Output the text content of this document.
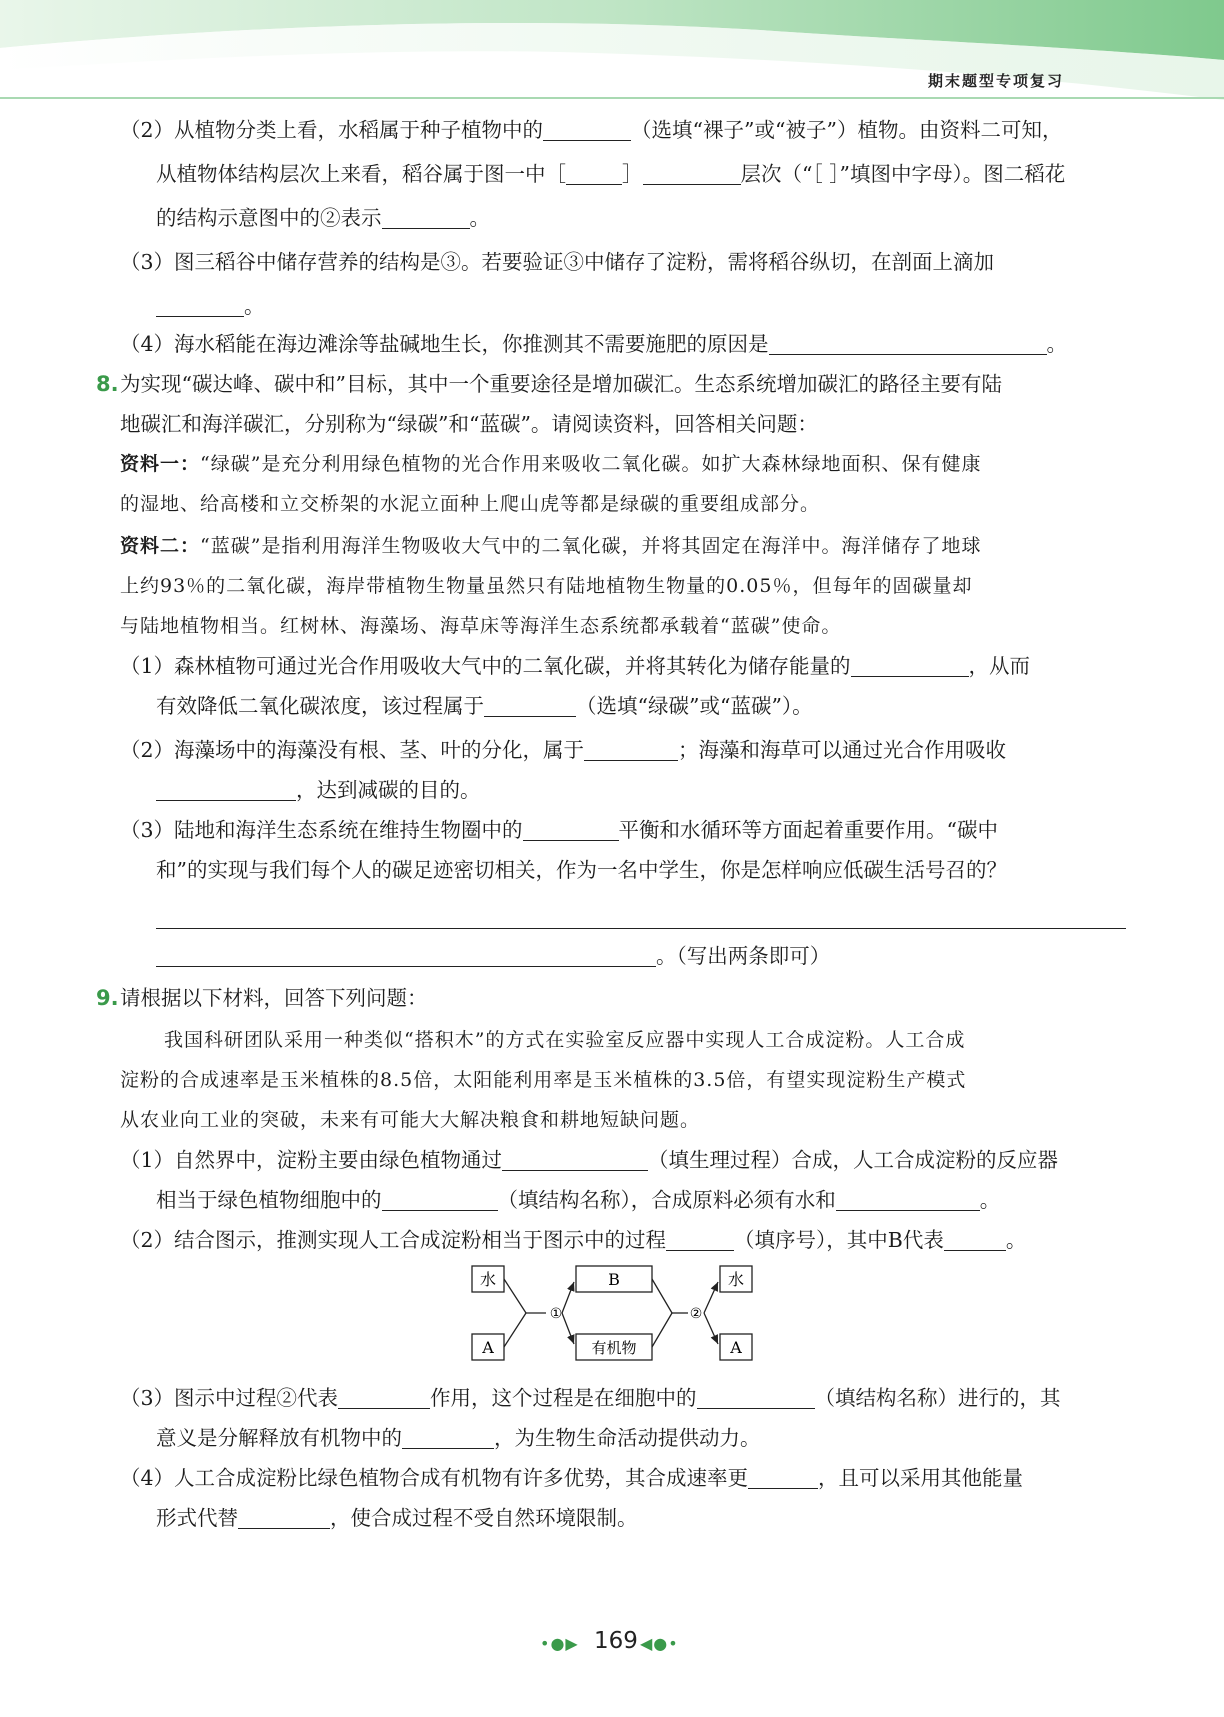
期末题型专项复习
（2）从植物分类上看，水稻属于种子植物中的	（选填“裸子”或“被子”）植物。由资料二可知，
从植物体结构层次上来看，稻谷属于图一中［	］	层次（“［ ］”填图中字母）。图二稻花
的结构示意图中的②表示	。
（3）图三稻谷中储存营养的结构是③。若要验证③中储存了淀粉，需将稻谷纵切，在剖面上滴加
。
（4）海水稻能在海边滩涂等盐碱地生长，你推测其不需要施肥的原因是	。
8. 为实现“碳达峰、碳中和”目标，其中一个重要途径是增加碳汇。生态系统增加碳汇的路径主要有陆
地碳汇和海洋碳汇，分别称为“绿碳”和“蓝碳”。请阅读资料，回答相关问题：
资料一：“绿碳”是充分利用绿色植物的光合作用来吸收二氧化碳。如扩大森林绿地面积、保有健康
的湿地、给高楼和立交桥架的水泥立面种上爬山虎等都是绿碳的重要组成部分。
资料二：“蓝碳”是指利用海洋生物吸收大气中的二氧化碳，并将其固定在海洋中。海洋储存了地球
上约93％的二氧化碳，海岸带植物生物量虽然只有陆地植物生物量的0.05％，但每年的固碳量却
与陆地植物相当。红树林、海藻场、海草床等海洋生态系统都承载着“蓝碳”使命。
（1）森林植物可通过光合作用吸收大气中的二氧化碳，并将其转化为储存能量的	，从而
有效降低二氧化碳浓度，该过程属于	（选填“绿碳”或“蓝碳”）。
（2）海藻场中的海藻没有根、茎、叶的分化，属于	；海藻和海草可以通过光合作用吸收
，达到减碳的目的。
（3）陆地和海洋生态系统在维持生物圈中的	平衡和水循环等方面起着重要作用。“碳中
和”的实现与我们每个人的碳足迹密切相关，作为一名中学生，你是怎样响应低碳生活号召的？
。（写出两条即可）
9. 请根据以下材料，回答下列问题：
我国科研团队采用一种类似“搭积木”的方式在实验室反应器中实现人工合成淀粉。人工合成
淀粉的合成速率是玉米植株的8.5倍，太阳能利用率是玉米植株的3.5倍，有望实现淀粉生产模式
从农业向工业的突破，未来有可能大大解决粮食和耕地短缺问题。
（1）自然界中，淀粉主要由绿色植物通过	（填生理过程）合成，人工合成淀粉的反应器
相当于绿色植物细胞中的	（填结构名称），合成原料必须有水和	。
（2）结合图示，推测实现人工合成淀粉相当于图示中的过程	（填序号），其中B代表	。
水
A
B
有机物
水
A
①	②
（3）图示中过程②代表	作用，这个过程是在细胞中的	（填结构名称）进行的，其
意义是分解释放有机物中的	，为生物生命活动提供动力。
（4）人工合成淀粉比绿色植物合成有机物有许多优势，其合成速率更	，且可以采用其他能量
形式代替	，使合成过程不受自然环境限制。
•●▶ 169 ◀●•
